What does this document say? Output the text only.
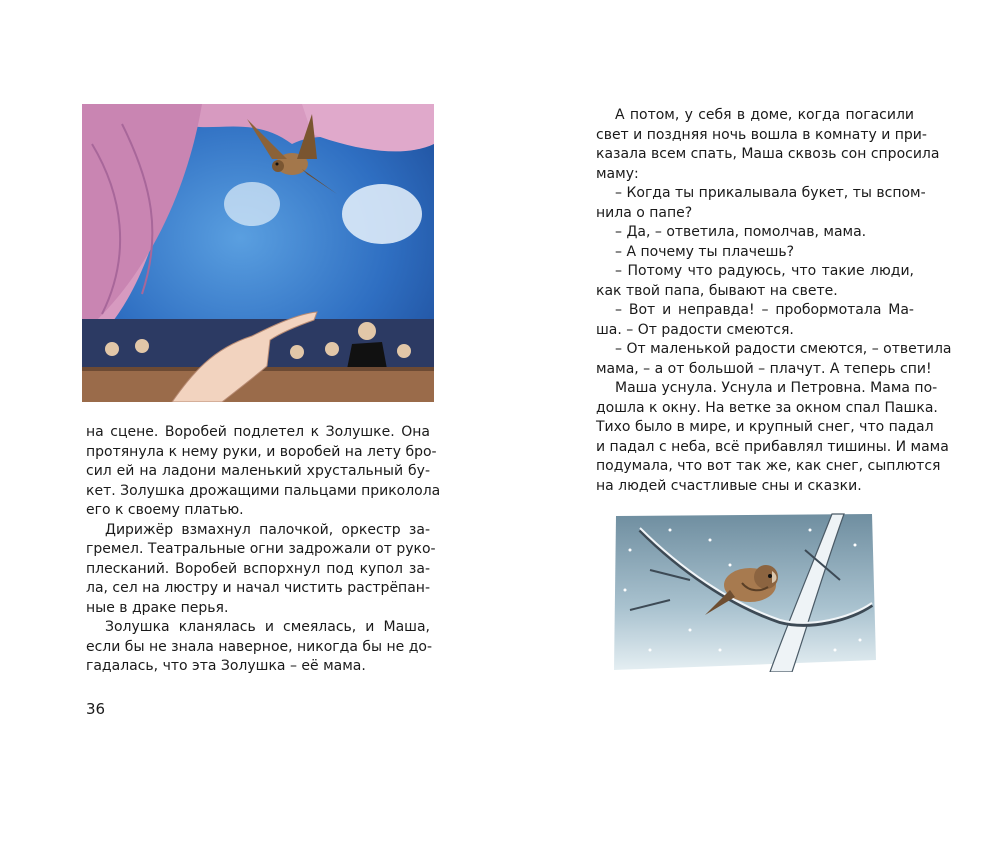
на сцене. Воробей подлетел к Золушке. Она
протянула к нему руки, и воробей на лету бро-
сил ей на ладони маленький хрустальный бу-
кет. Золушка дрожащими пальцами приколола
его к своему платью.
Дирижёр взмахнул палочкой, оркестр за-
гремел. Театральные огни задрожали от руко-
плесканий. Воробей вспорхнул под купол за-
ла, сел на люстру и начал чистить растрёпан-
ные в драке перья.
Золушка кланялась и смеялась, и Маша,
если бы не знала наверное, никогда бы не до-
гадалась, что эта Золушка – её мама.
36
А потом, у себя в доме, когда погасили
свет и поздняя ночь вошла в комнату и при-
казала всем спать, Маша сквозь сон спросила
маму:
– Когда ты прикалывала букет, ты вспом-
нила о папе?
– Да, – ответила, помолчав, мама.
– А почему ты плачешь?
– Потому что радуюсь, что такие люди,
как твой папа, бывают на свете.
– Вот и неправда! – пробормотала Ма-
ша. – От радости смеются.
– От маленькой радости смеются, – ответила
мама, – а от большой – плачут. А теперь спи!
Маша уснула. Уснула и Петровна. Мама по-
дошла к окну. На ветке за окном спал Пашка.
Тихо было в мире, и крупный снег, что падал
и падал с неба, всё прибавлял тишины. И мама
подумала, что вот так же, как снег, сыплются
на людей счастливые сны и сказки.
